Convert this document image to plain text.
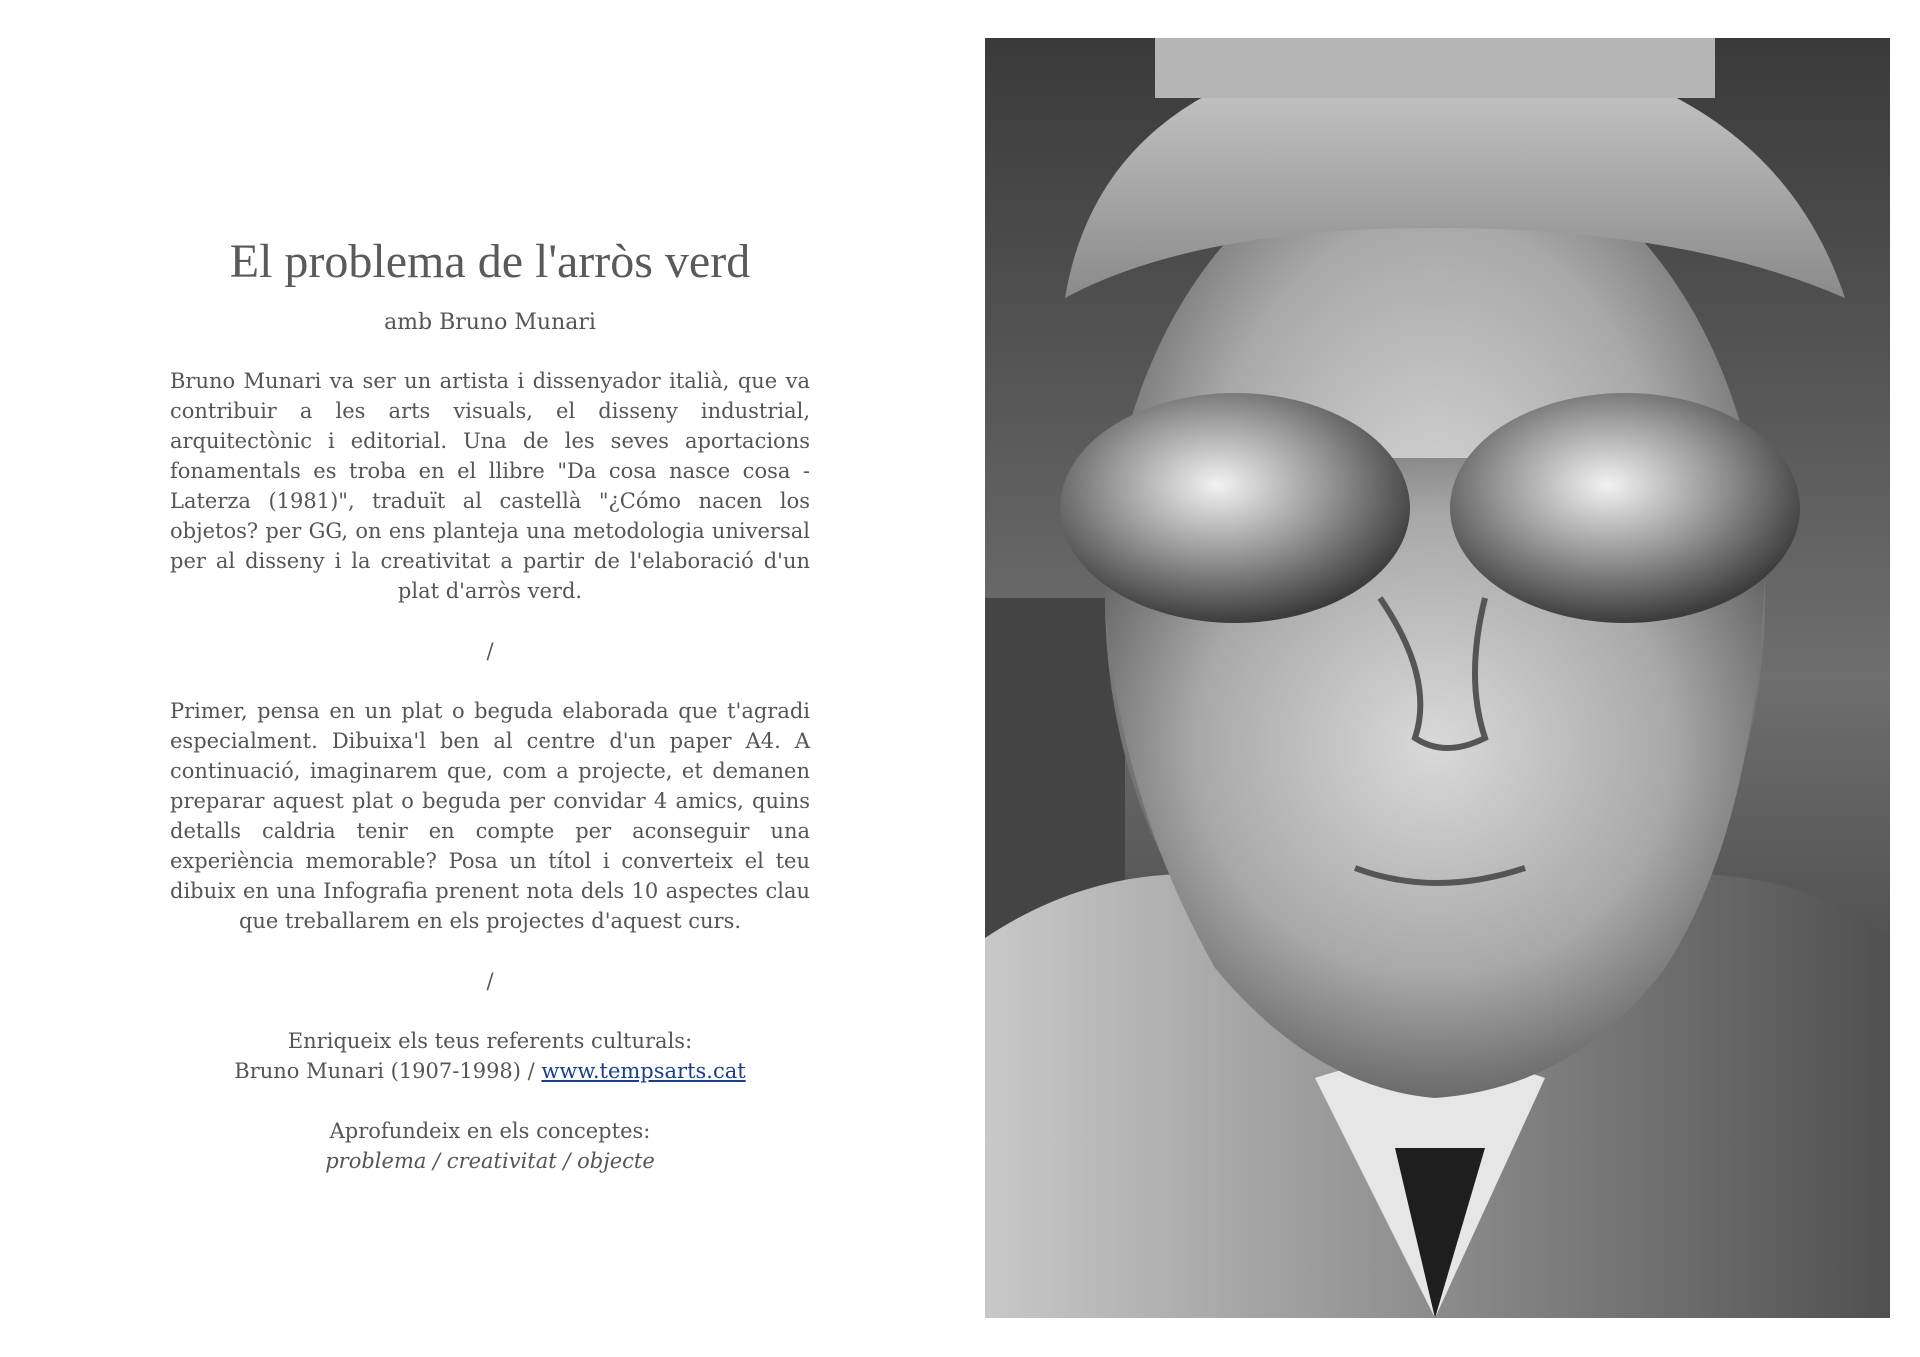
El problema de l'arròs verd

amb Bruno Munari

Bruno Munari va ser un artista i dissenyador italià, que va contribuir a les arts visuals, el disseny industrial, arquitectònic i editorial. Una de les seves aportacions fonamentals es troba en el llibre "Da cosa nasce cosa - Laterza (1981)", traduït al castellà "¿Cómo nacen los objetos? per GG, on ens planteja una metodologia universal per al disseny i la creativitat a partir de l'elaboració d'un plat d'arròs verd.

/

Primer, pensa en un plat o beguda elaborada que t'agradi especialment. Dibuixa'l ben al centre d'un paper A4. A continuació, imaginarem que, com a projecte, et demanen preparar aquest plat o beguda per convidar 4 amics, quins detalls caldria tenir en compte per aconseguir una experiència memorable? Posa un títol i converteix el teu dibuix en una Infografia prenent nota dels 10 aspectes clau que treballarem en els projectes d'aquest curs.

/
Enriqueix els teus referents culturals:
Bruno Munari (1907-1998) / www.tempsarts.cat
Aprofundeix en els conceptes:
problema / creativitat / objecte
